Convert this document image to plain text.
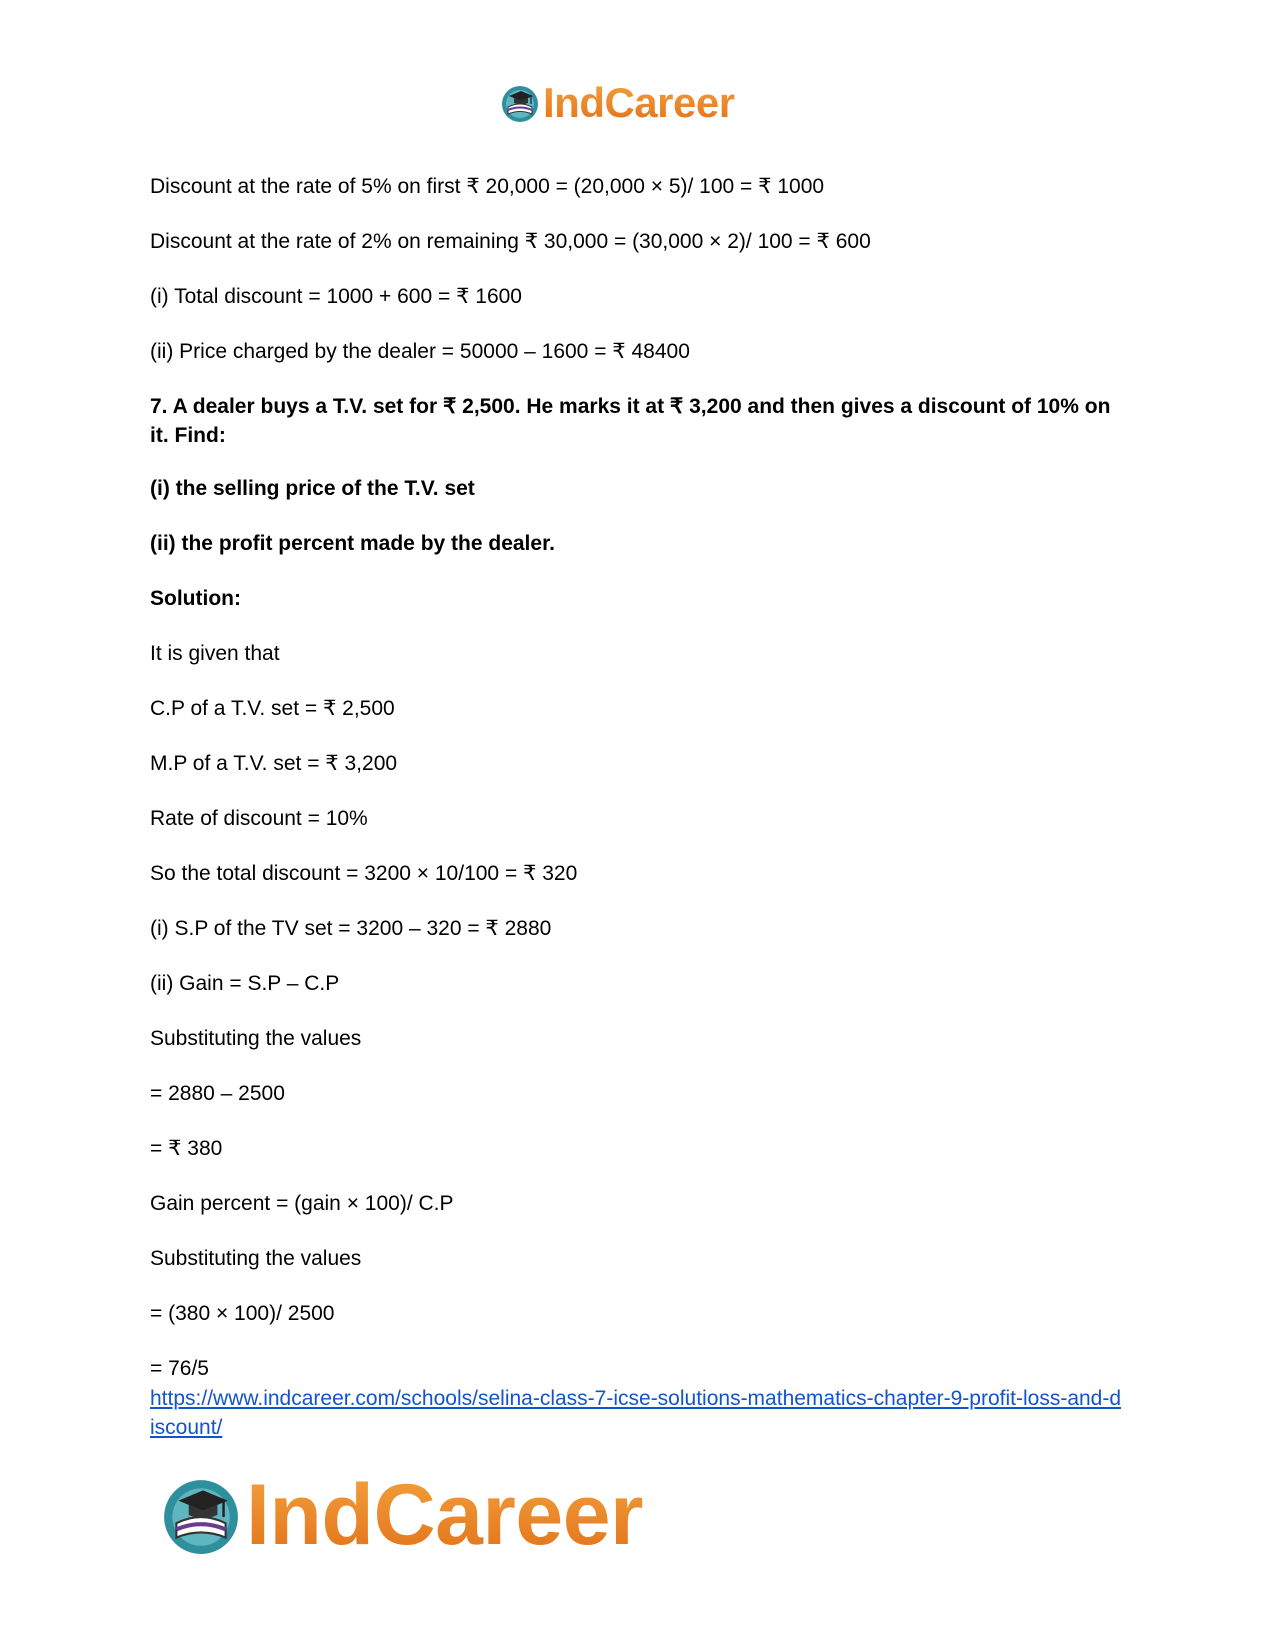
IndCareer

Discount at the rate of 5% on first ₹ 20,000 = (20,000 × 5)/ 100 = ₹ 1000

Discount at the rate of 2% on remaining ₹ 30,000 = (30,000 × 2)/ 100 = ₹ 600

(i) Total discount = 1000 + 600 = ₹ 1600

(ii) Price charged by the dealer = 50000 – 1600 = ₹ 48400

7. A dealer buys a T.V. set for ₹ 2,500. He marks it at ₹ 3,200 and then gives a discount of 10% on it. Find:

(i) the selling price of the T.V. set

(ii) the profit percent made by the dealer.

Solution:

It is given that

C.P of a T.V. set = ₹ 2,500

M.P of a T.V. set = ₹ 3,200

Rate of discount = 10%

So the total discount = 3200 × 10/100 = ₹ 320

(i) S.P of the TV set = 3200 – 320 = ₹ 2880

(ii) Gain = S.P – C.P

Substituting the values

= 2880 – 2500

= ₹ 380

Gain percent = (gain × 100)/ C.P

Substituting the values

= (380 × 100)/ 2500

= 76/5

https://www.indcareer.com/schools/selina-class-7-icse-solutions-mathematics-chapter-9-profit-loss-and-discount/
IndCareer
